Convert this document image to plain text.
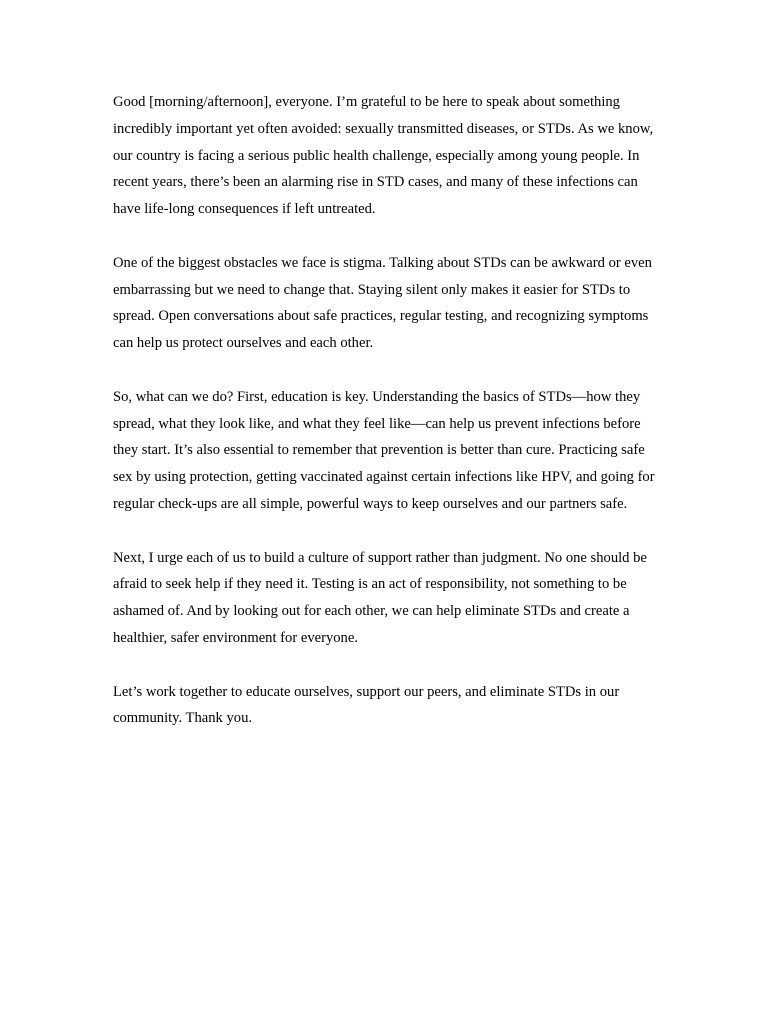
Good [morning/afternoon], everyone. I’m grateful to be here to speak about something incredibly important yet often avoided: sexually transmitted diseases, or STDs. As we know, our country is facing a serious public health challenge, especially among young people. In recent years, there’s been an alarming rise in STD cases, and many of these infections can have life-long consequences if left untreated.

One of the biggest obstacles we face is stigma. Talking about STDs can be awkward or even embarrassing but we need to change that. Staying silent only makes it easier for STDs to spread. Open conversations about safe practices, regular testing, and recognizing symptoms can help us protect ourselves and each other.

So, what can we do? First, education is key. Understanding the basics of STDs—how they spread, what they look like, and what they feel like—can help us prevent infections before they start. It’s also essential to remember that prevention is better than cure. Practicing safe sex by using protection, getting vaccinated against certain infections like HPV, and going for regular check-ups are all simple, powerful ways to keep ourselves and our partners safe.

Next, I urge each of us to build a culture of support rather than judgment. No one should be afraid to seek help if they need it. Testing is an act of responsibility, not something to be ashamed of. And by looking out for each other, we can help eliminate STDs and create a healthier, safer environment for everyone.

Let’s work together to educate ourselves, support our peers, and eliminate STDs in our community. Thank you.
